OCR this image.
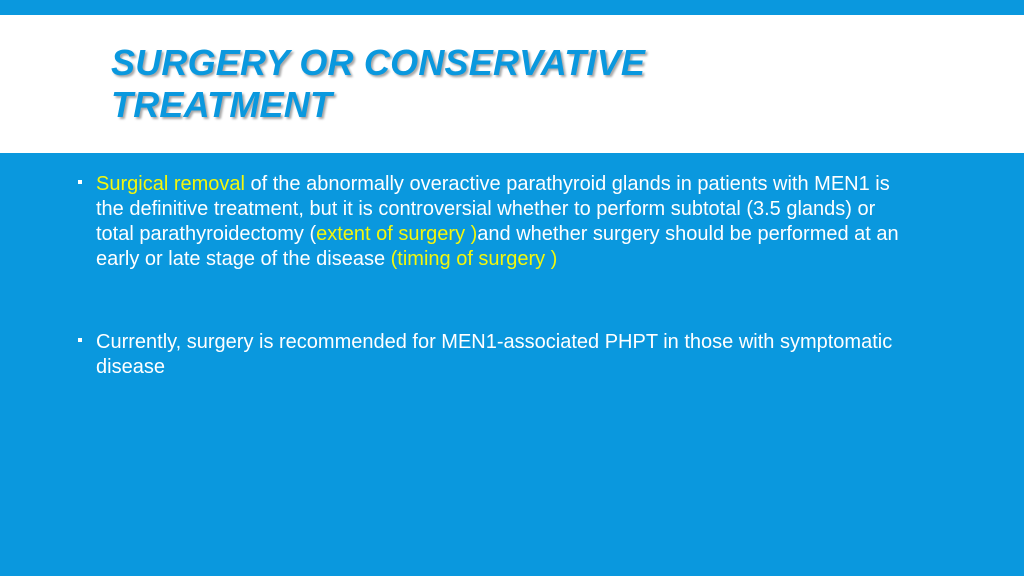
SURGERY OR CONSERVATIVE
TREATMENT
Surgical removal of the abnormally overactive parathyroid glands in patients with MEN1 is the definitive treatment, but it is controversial whether to perform subtotal (3.5 glands) or total parathyroidectomy (extent of surgery )and whether surgery should be performed at an early or late stage of the disease (timing of surgery )
Currently, surgery is recommended for MEN1-associated PHPT in those with symptomatic disease
